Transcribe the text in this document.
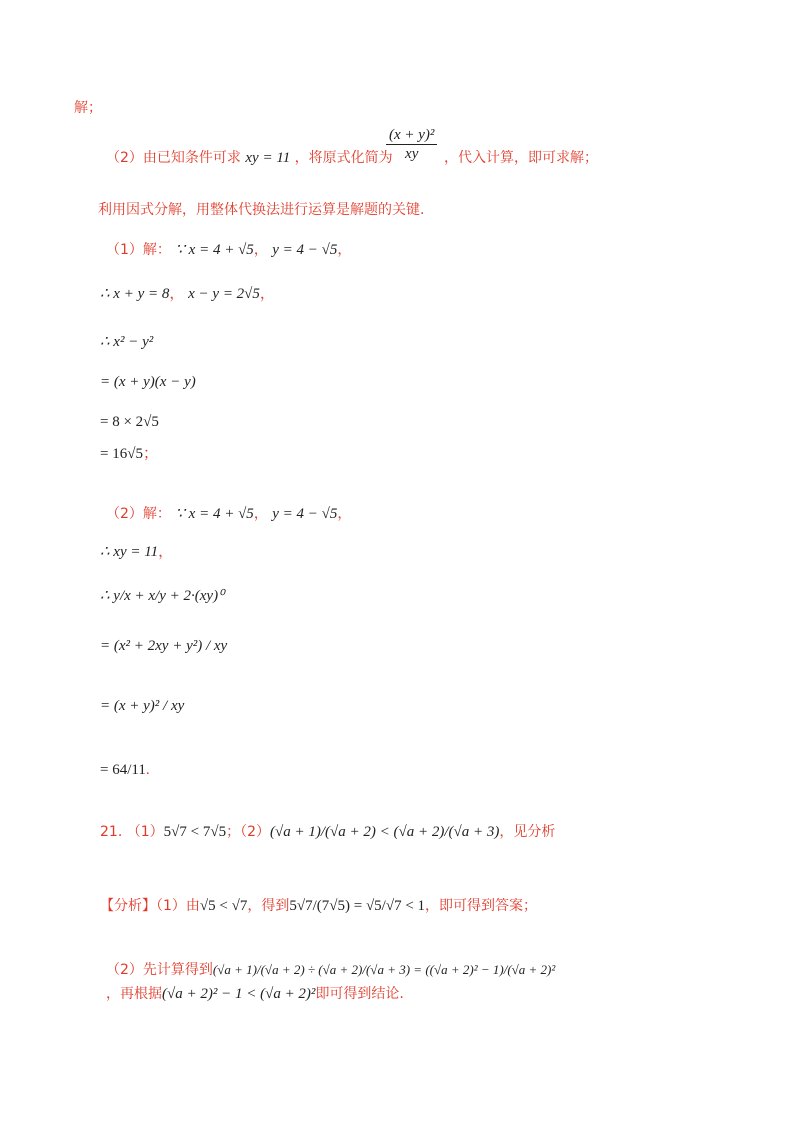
解；
（2）由已知条件可求 xy = 11 ，将原式化简为
$\frac{\text{(x + y)²}}{xy}$ ，代入计算，即可求解；
利用因式分解，用整体代换法进行运算是解题的关键.
（1）解： ∵ x = 4 + √5， y = 4 − √5，
∴ x + y = 8， x − y = 2√5，
∴ x² − y²
= (x + y)(x − y)
= 8 × 2√5
= 16√5；
（2）解： ∵ x = 4 + √5， y = 4 − √5，
∴ xy = 11，
∴ y/x + x/y + 2·(xy)⁰
= (x² + 2xy + y²) / xy
= (x + y)² / xy
= 64/11.
21. （1）5√7 < 7√5；（2）(√a + 1)/(√a + 2) < (√a + 2)/(√a + 3)，见分析
【分析】（1）由√5 < √7，得到5√7/(7√5) = √5/√7 < 1，即可得到答案；
（2）先计算得到(√a + 1)/(√a + 2) ÷ (√a + 2)/(√a + 3) = ((√a + 2)² − 1)/(√a + 2)²
，再根据(√a + 2)² − 1 < (√a + 2)²即可得到结论.
